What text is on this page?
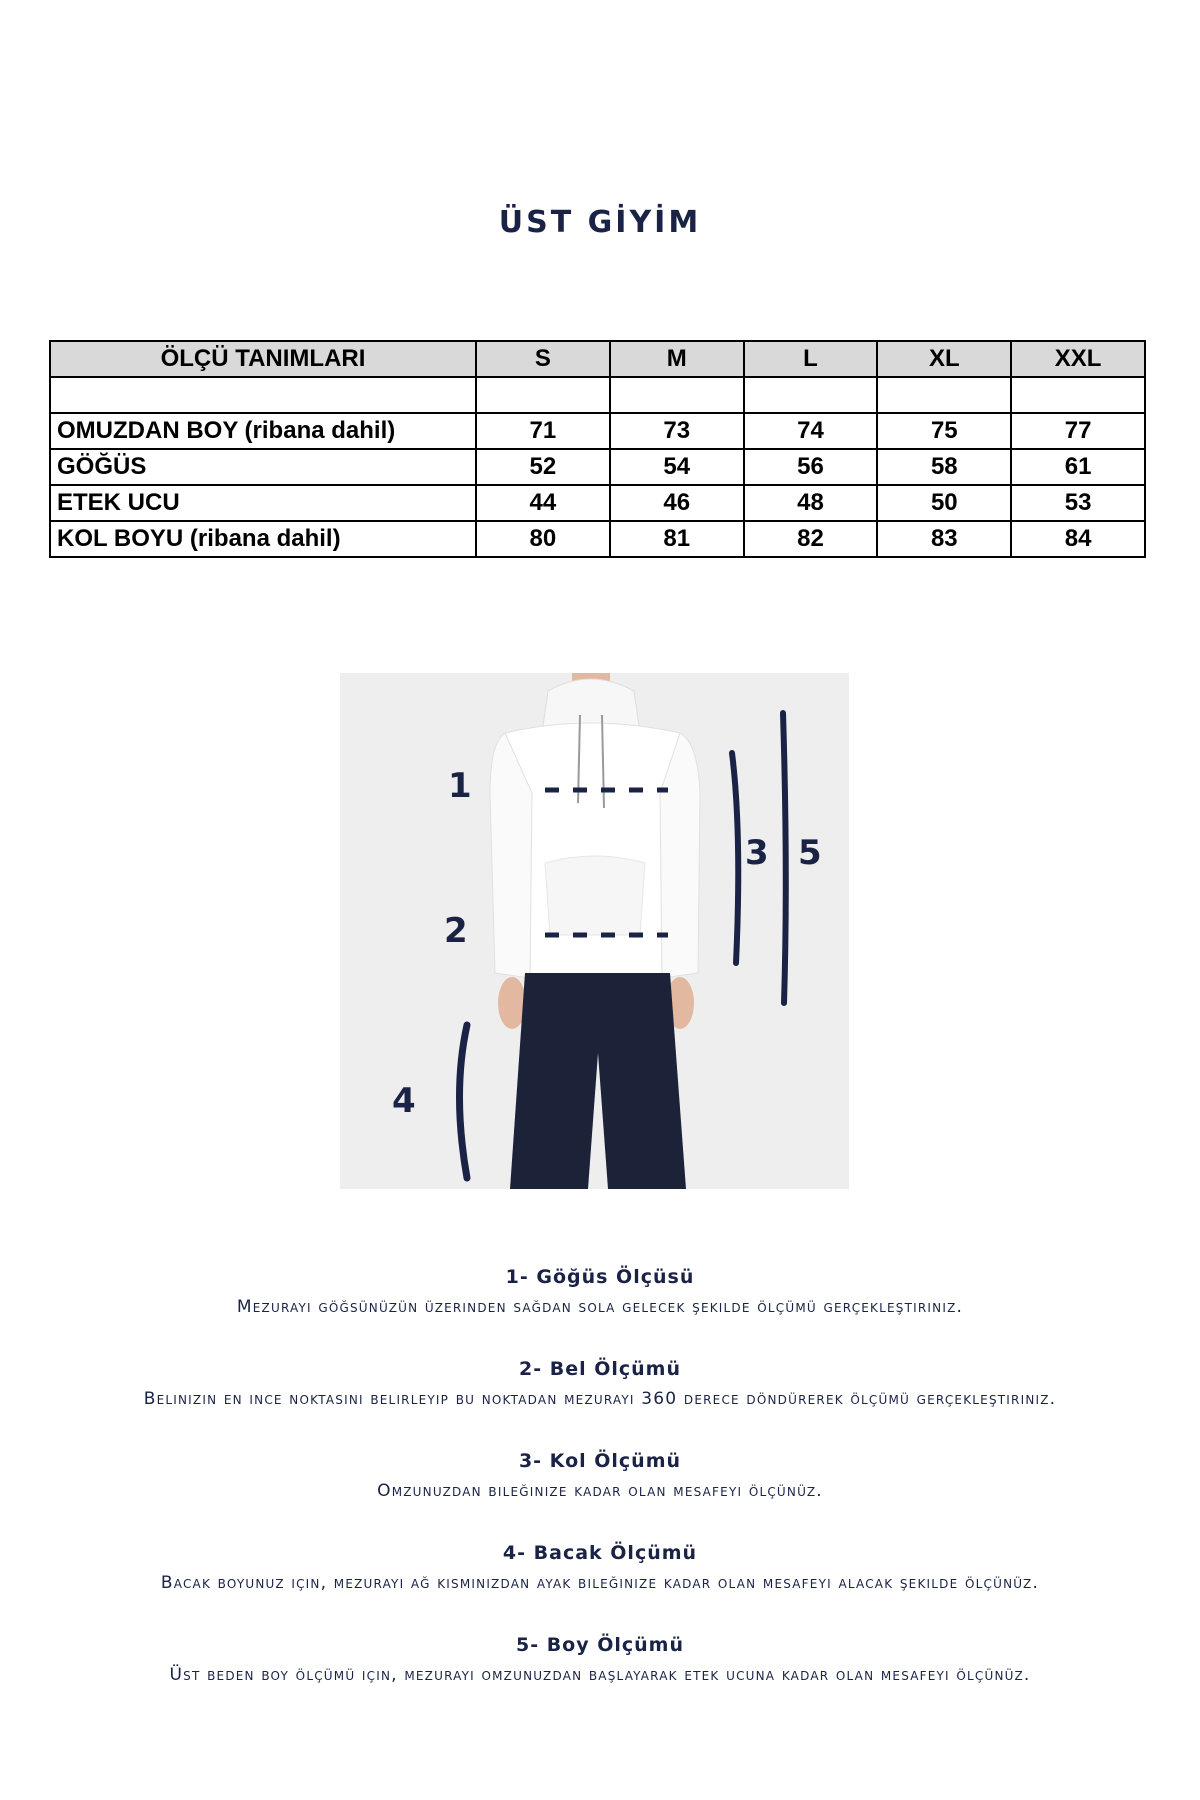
ÜST GİYİM
ÖLÇÜ TANIMLARI	S	M	L	XL	XXL

OMUZDAN BOY (ribana dahil)	71	73	74	75	77
GÖĞÜS	52	54	56	58	61
ETEK UCU	44	46	48	50	53
KOL BOYU (ribana dahil)	80	81	82	83	84
1
2
3
4
5

1- Göğüs Ölçüsü

Mezurayı göğsünüzün üzerinden sağdan sola gelecek şekilde ölçümü gerçekleştiriniz.

2- Bel Ölçümü

Belinizin en ince noktasını belirleyip bu noktadan mezurayı 360 derece döndürerek ölçümü gerçekleştiriniz.

3- Kol Ölçümü

Omzunuzdan bileğinize kadar olan mesafeyi ölçünüz.

4- Bacak Ölçümü

Bacak boyunuz için, mezurayı ağ kısmınızdan ayak bileğinize kadar olan mesafeyi alacak şekilde ölçünüz.

5- Boy Ölçümü

Üst beden boy ölçümü için, mezurayı omzunuzdan başlayarak etek ucuna kadar olan mesafeyi ölçünüz.
